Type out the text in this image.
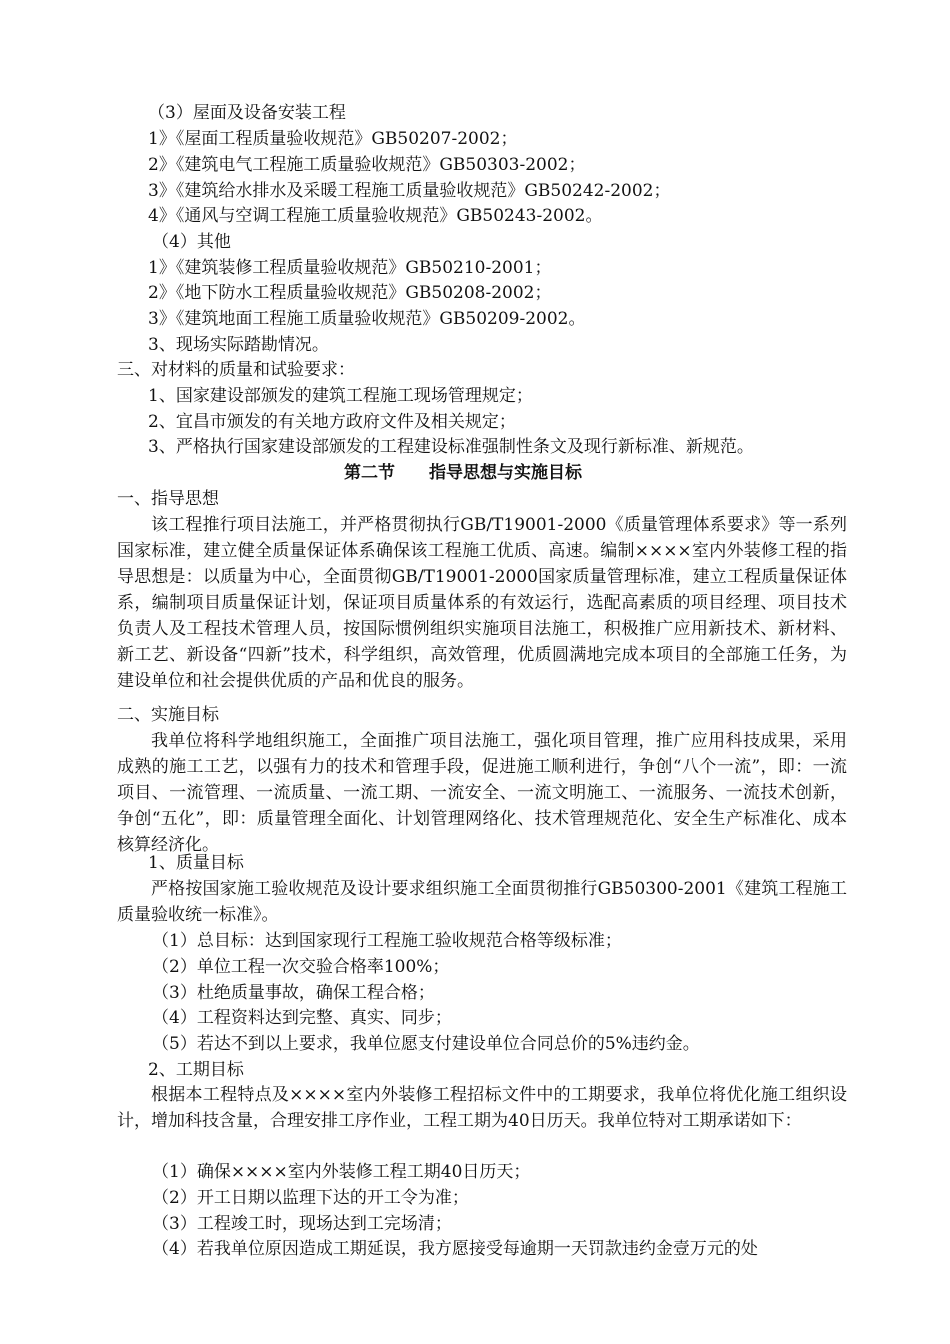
（3）屋面及设备安装工程
1》《屋面工程质量验收规范》GB50207-2002；
2》《建筑电气工程施工质量验收规范》GB50303-2002；
3》《建筑给水排水及采暖工程施工质量验收规范》GB50242-2002；
4》《通风与空调工程施工质量验收规范》GB50243-2002。
（4）其他
1》《建筑装修工程质量验收规范》GB50210-2001；
2》《地下防水工程质量验收规范》GB50208-2002；
3》《建筑地面工程施工质量验收规范》GB50209-2002。
3、现场实际踏勘情况。
三、对材料的质量和试验要求：
1、国家建设部颁发的建筑工程施工现场管理规定；
2、宜昌市颁发的有关地方政府文件及相关规定；
3、严格执行国家建设部颁发的工程建设标准强制性条文及现行新标准、新规范。
第二节　　指导思想与实施目标
一、指导思想
该工程推行项目法施工，并严格贯彻执行GB/T19001-2000《质量管理体系要求》等一系列国家标准，建立健全质量保证体系确保该工程施工优质、高速。编制××××室内外装修工程的指导思想是：以质量为中心，全面贯彻GB/T19001-2000国家质量管理标准，建立工程质量保证体系，编制项目质量保证计划，保证项目质量体系的有效运行，选配高素质的项目经理、项目技术负责人及工程技术管理人员，按国际惯例组织实施项目法施工，积极推广应用新技术、新材料、新工艺、新设备“四新”技术，科学组织，高效管理，优质圆满地完成本项目的全部施工任务，为建设单位和社会提供优质的产品和优良的服务。
二、实施目标
我单位将科学地组织施工，全面推广项目法施工，强化项目管理，推广应用科技成果，采用成熟的施工工艺，以强有力的技术和管理手段，促进施工顺利进行，争创“八个一流”，即：一流项目、一流管理、一流质量、一流工期、一流安全、一流文明施工、一流服务、一流技术创新，争创“五化”，即：质量管理全面化、计划管理网络化、技术管理规范化、安全生产标准化、成本核算经济化。
1、质量目标
严格按国家施工验收规范及设计要求组织施工全面贯彻推行GB50300-2001《建筑工程施工质量验收统一标准》。
（1）总目标：达到国家现行工程施工验收规范合格等级标准；
（2）单位工程一次交验合格率100%；
（3）杜绝质量事故，确保工程合格；
（4）工程资料达到完整、真实、同步；
（5）若达不到以上要求，我单位愿支付建设单位合同总价的5%违约金。
2、工期目标
根据本工程特点及××××室内外装修工程招标文件中的工期要求，我单位将优化施工组织设计，增加科技含量，合理安排工序作业，工程工期为40日历天。我单位特对工期承诺如下：
（1）确保××××室内外装修工程工期40日历天；
（2）开工日期以监理下达的开工令为准；
（3）工程竣工时，现场达到工完场清；
（4）若我单位原因造成工期延误，我方愿接受每逾期一天罚款违约金壹万元的处
